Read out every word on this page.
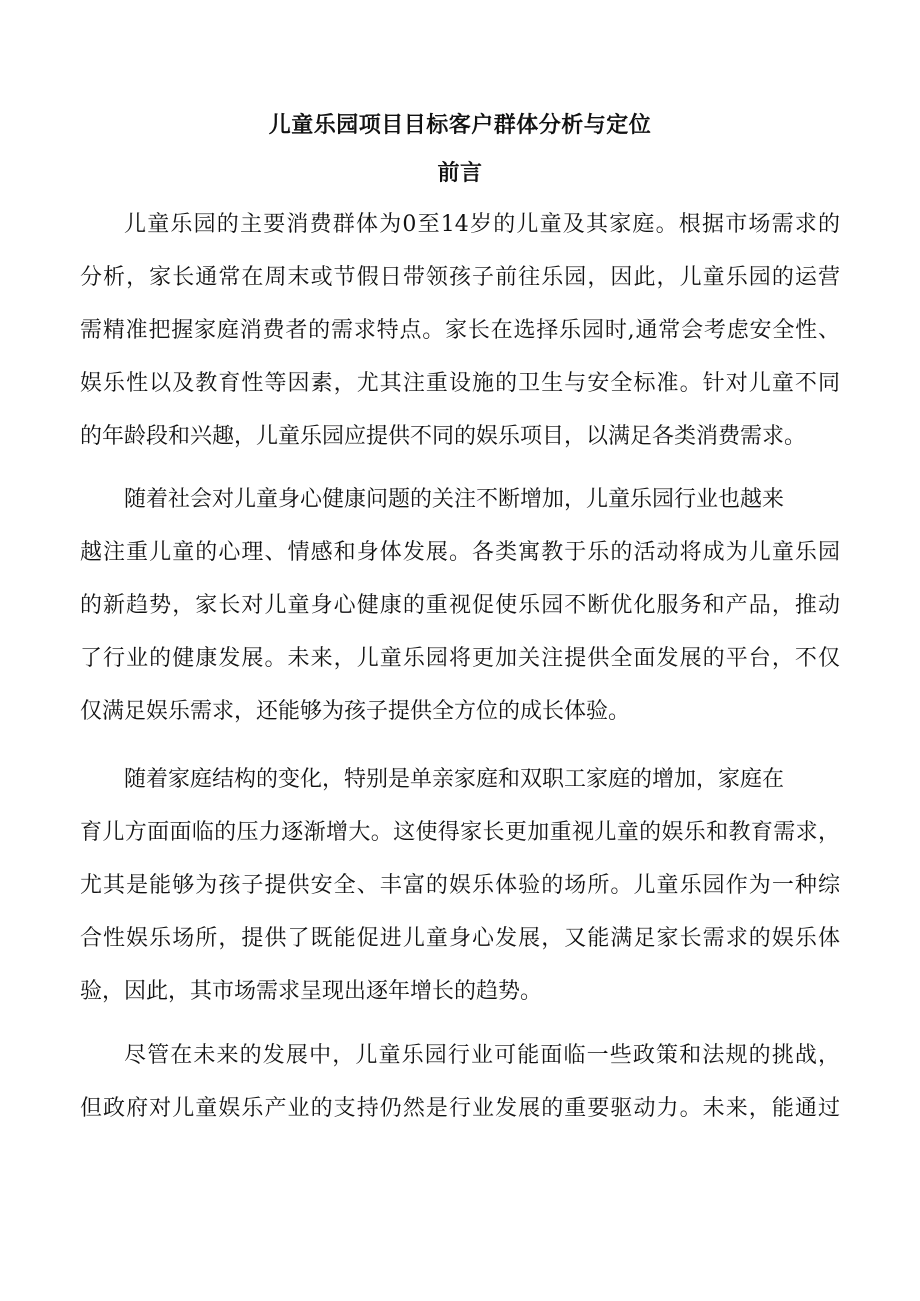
儿童乐园项目目标客户群体分析与定位
前言
儿童乐园的主要消费群体为0至14岁的儿童及其家庭。根据市场需求的
分析，家长通常在周末或节假日带领孩子前往乐园，因此，儿童乐园的运营
需精准把握家庭消费者的需求特点。家长在选择乐园时,通常会考虑安全性、
娱乐性以及教育性等因素，尤其注重设施的卫生与安全标准。针对儿童不同
的年龄段和兴趣，儿童乐园应提供不同的娱乐项目，以满足各类消费需求。
随着社会对儿童身心健康问题的关注不断增加，儿童乐园行业也越来
越注重儿童的心理、情感和身体发展。各类寓教于乐的活动将成为儿童乐园
的新趋势，家长对儿童身心健康的重视促使乐园不断优化服务和产品，推动
了行业的健康发展。未来，儿童乐园将更加关注提供全面发展的平台，不仅
仅满足娱乐需求，还能够为孩子提供全方位的成长体验。
随着家庭结构的变化，特别是单亲家庭和双职工家庭的增加，家庭在
育儿方面面临的压力逐渐增大。这使得家长更加重视儿童的娱乐和教育需求，
尤其是能够为孩子提供安全、丰富的娱乐体验的场所。儿童乐园作为一种综
合性娱乐场所，提供了既能促进儿童身心发展，又能满足家长需求的娱乐体
验，因此，其市场需求呈现出逐年增长的趋势。
尽管在未来的发展中，儿童乐园行业可能面临一些政策和法规的挑战，
但政府对儿童娱乐产业的支持仍然是行业发展的重要驱动力。未来，能通过
